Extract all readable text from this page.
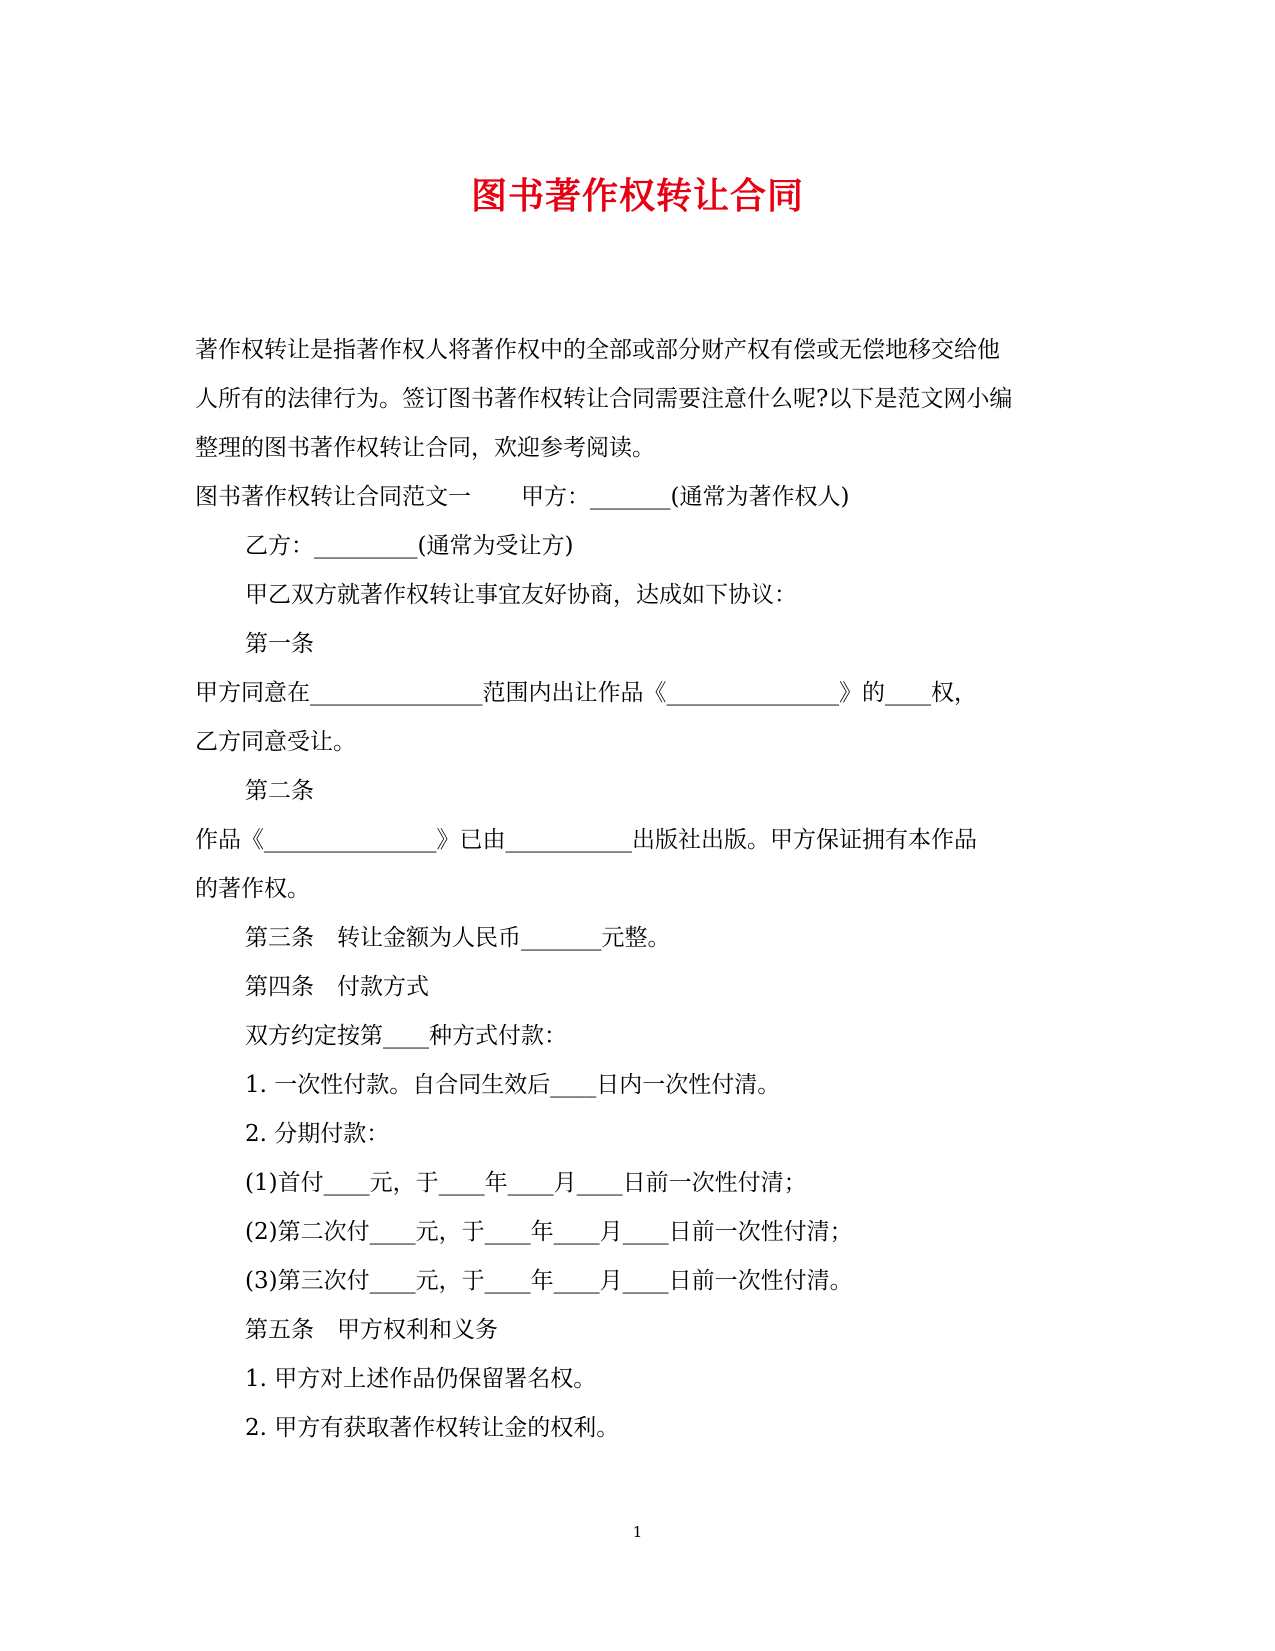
图书著作权转让合同
著作权转让是指著作权人将著作权中的全部或部分财产权有偿或无偿地移交给他
人所有的法律行为。签订图书著作权转让合同需要注意什么呢?以下是范文网小编
整理的图书著作权转让合同，欢迎参考阅读。
图书著作权转让合同范文一 甲方：_______(通常为著作权人)
乙方：_________(通常为受让方)
甲乙双方就著作权转让事宜友好协商，达成如下协议：
第一条
甲方同意在_______________范围内出让作品《_______________》的____权，
乙方同意受让。
第二条
作品《_______________》已由___________出版社出版。甲方保证拥有本作品
的著作权。
第三条　转让金额为人民币_______元整。
第四条　付款方式
双方约定按第____种方式付款：
1. 一次性付款。自合同生效后____日内一次性付清。
2. 分期付款：
(1)首付____元，于____年____月____日前一次性付清；
(2)第二次付____元，于____年____月____日前一次性付清；
(3)第三次付____元，于____年____月____日前一次性付清。
第五条　甲方权利和义务
1. 甲方对上述作品仍保留署名权。
2. 甲方有获取著作权转让金的权利。
1
